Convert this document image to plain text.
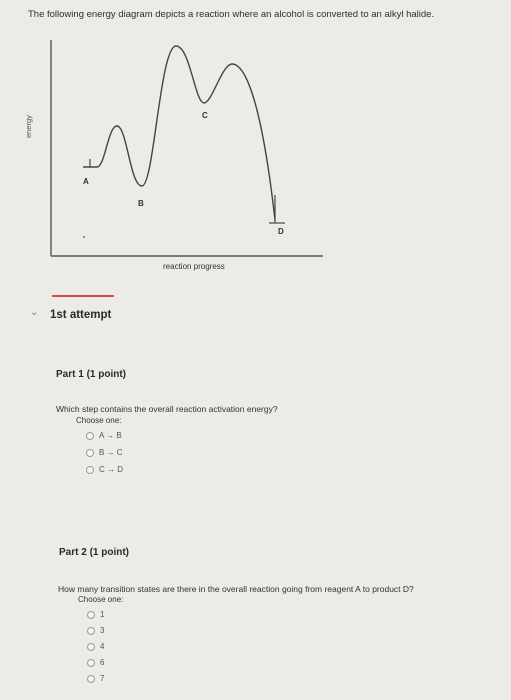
The following energy diagram depicts a reaction where an alcohol is converted to an alkyl halide.
A
B
C
D
energy
reaction progress
⌄ 1st attempt
Part 1 (1 point)
Which step contains the overall reaction activation energy?
Choose one:
A → B
B → C
C → D
Part 2 (1 point)
How many transition states are there in the overall reaction going from reagent A to product D?
Choose one:
1
3
4
6
7
